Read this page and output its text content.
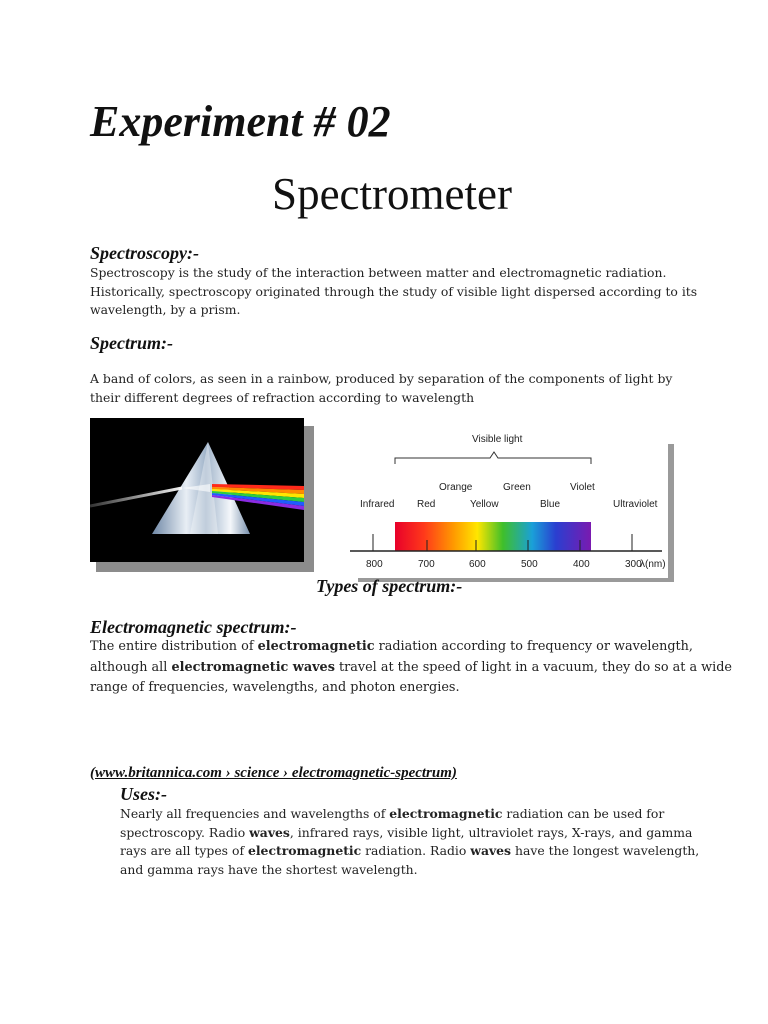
Experiment # 02
Spectrometer
Spectroscopy:-
Spectroscopy is the study of the interaction between matter and electromagnetic radiation.
Historically, spectroscopy originated through the study of visible light dispersed according to its
wavelength, by a prism.
Spectrum:-
A band of colors, as seen in a rainbow, produced by separation of the components of light by
their different degrees of refraction according to wavelength
Visible light
Orange	Green	Violet
Infrared Red	Yellow	Blue	Ultraviolet
800	700	600	500	400	300
λ(nm)
Types of spectrum:-
Electromagnetic spectrum:-
The entire distribution of electromagnetic radiation according to frequency or wavelength,
although all electromagnetic waves travel at the speed of light in a vacuum, they do so at a wide
range of frequencies, wavelengths, and photon energies.
(www.britannica.com › science › electromagnetic-spectrum)
Uses:-
Nearly all frequencies and wavelengths of electromagnetic radiation can be used for
spectroscopy. Radio waves, infrared rays, visible light, ultraviolet rays, X-rays, and gamma
rays are all types of electromagnetic radiation. Radio waves have the longest wavelength,
and gamma rays have the shortest wavelength.
